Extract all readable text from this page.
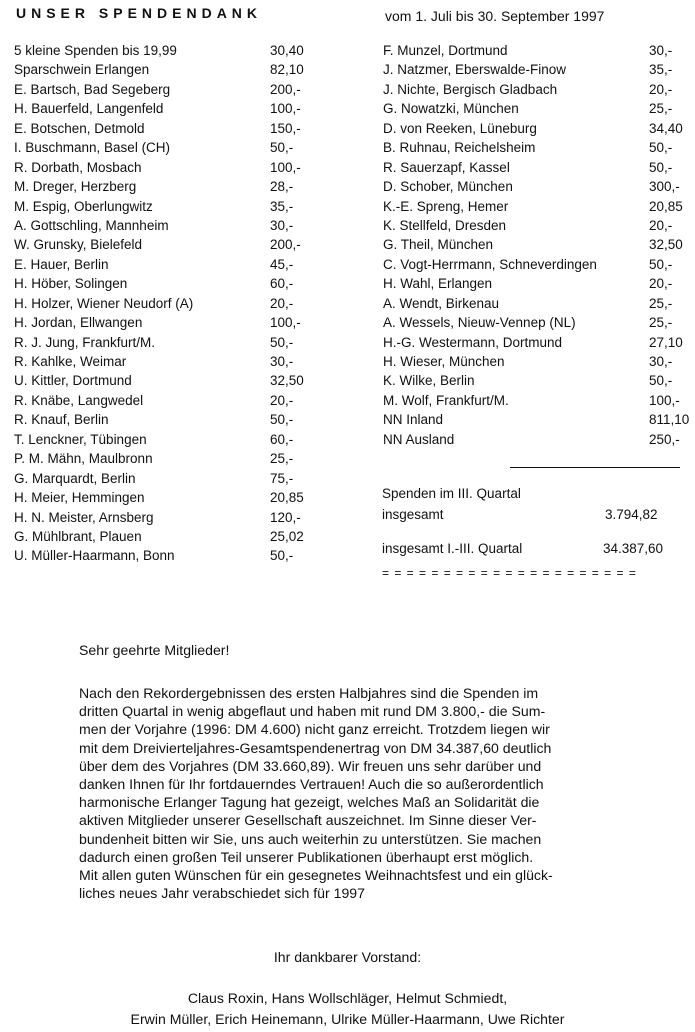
UNSER SPENDENDANK	vom 1. Juli bis 30. September 1997
5 kleine Spenden bis 19,99	30,40
Sparschwein Erlangen	82,10
E. Bartsch, Bad Segeberg	200,-
H. Bauerfeld, Langenfeld	100,-
E. Botschen, Detmold	150,-
I. Buschmann, Basel (CH)	50,-
R. Dorbath, Mosbach	100,-
M. Dreger, Herzberg	28,-
M. Espig, Oberlungwitz	35,-
A. Gottschling, Mannheim	30,-
W. Grunsky, Bielefeld	200,-
E. Hauer, Berlin	45,-
H. Höber, Solingen	60,-
H. Holzer, Wiener Neudorf (A)	20,-
H. Jordan, Ellwangen	100,-
R. J. Jung, Frankfurt/M.	50,-
R. Kahlke, Weimar	30,-
U. Kittler, Dortmund	32,50
R. Knäbe, Langwedel	20,-
R. Knauf, Berlin	50,-
T. Lenckner, Tübingen	60,-
P. M. Mähn, Maulbronn	25,-
G. Marquardt, Berlin	75,-
H. Meier, Hemmingen	20,85
H. N. Meister, Arnsberg	120,-
G. Mühlbrant, Plauen	25,02
U. Müller-Haarmann, Bonn	50,-
F. Munzel, Dortmund	30,-
J. Natzmer, Eberswalde-Finow	35,-
J. Nichte, Bergisch Gladbach	20,-
G. Nowatzki, München	25,-
D. von Reeken, Lüneburg	34,40
B. Ruhnau, Reichelsheim	50,-
R. Sauerzapf, Kassel	50,-
D. Schober, München	300,-
K.-E. Spreng, Hemer	20,85
K. Stellfeld, Dresden	20,-
G. Theil, München	32,50
C. Vogt-Herrmann, Schneverdingen	50,-
H. Wahl, Erlangen	20,-
A. Wendt, Birkenau	25,-
A. Wessels, Nieuw-Vennep (NL)	25,-
H.-G. Westermann, Dortmund	27,10
H. Wieser, München	30,-
K. Wilke, Berlin	50,-
M. Wolf, Frankfurt/M.	100,-
NN Inland	811,10
NN Ausland	250,-
Spenden im III. Quartal
insgesamt	3.794,82
insgesamt I.-III. Quartal	34.387,60
= = = = = = = = = = = = = = = = = = = = =
Sehr geehrte Mitglieder!

Nach den Rekordergebnissen des ersten Halbjahres sind die Spenden im

dritten Quartal in wenig abgeflaut und haben mit rund DM 3.800,- die Sum-

men der Vorjahre (1996: DM 4.600) nicht ganz erreicht. Trotzdem liegen wir

mit dem Dreivierteljahres-Gesamtspendenertrag von DM 34.387,60 deutlich

über dem des Vorjahres (DM 33.660,89). Wir freuen uns sehr darüber und

danken Ihnen für Ihr fortdauerndes Vertrauen! Auch die so außerordentlich

harmonische Erlanger Tagung hat gezeigt, welches Maß an Solidarität die

aktiven Mitglieder unserer Gesellschaft auszeichnet. Im Sinne dieser Ver-

bundenheit bitten wir Sie, uns auch weiterhin zu unterstützen. Sie machen

dadurch einen großen Teil unserer Publikationen überhaupt erst möglich.

Mit allen guten Wünschen für ein gesegnetes Weihnachtsfest und ein glück-

liches neues Jahr verabschiedet sich für 1997

Ihr dankbarer Vorstand:
Claus Roxin, Hans Wollschläger, Helmut Schmiedt,
Erwin Müller, Erich Heinemann, Ulrike Müller-Haarmann, Uwe Richter
